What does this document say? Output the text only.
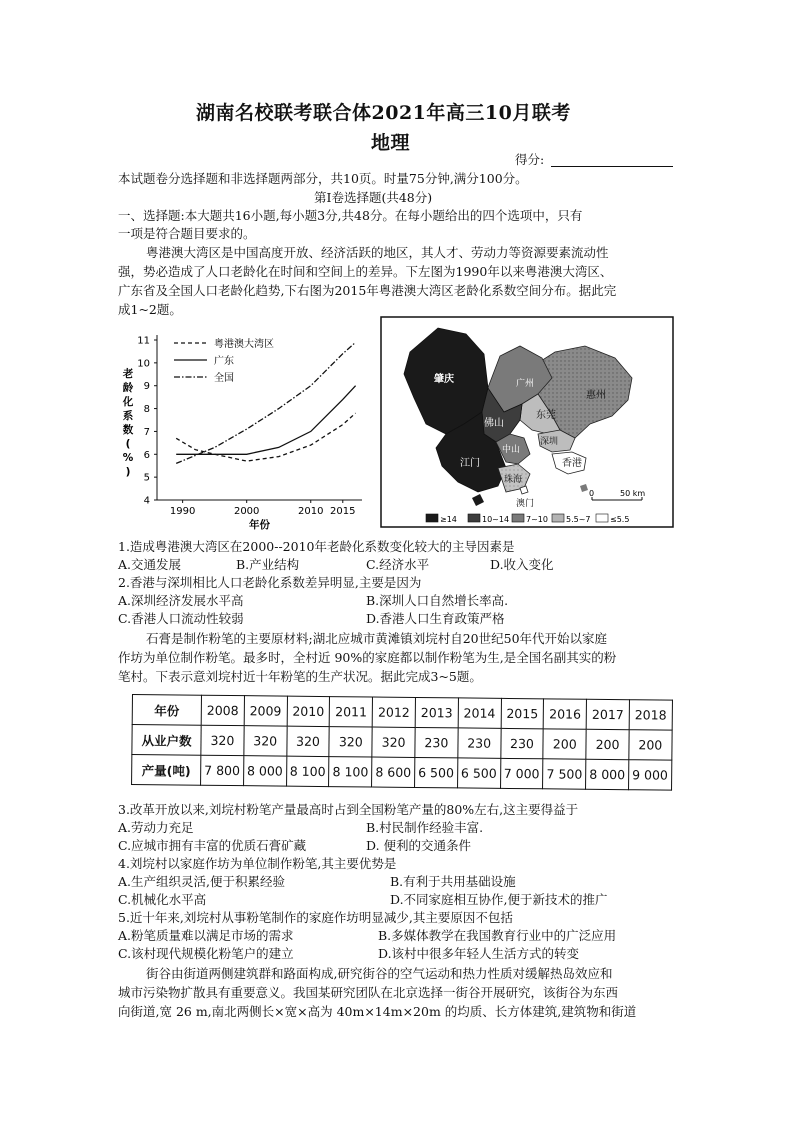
湖南名校联考联合体2021年高三10月联考
地理
得分:
本试题卷分选择题和非选择题两部分，共10页。时量75分钟,满分100分。
第Ⅰ卷选择题(共48分)
一、选择题:本大题共16小题,每小题3分,共48分。在每小题给出的四个选项中，只有
一项是符合题目要求的。
粤港澳大湾区是中国高度开放、经济活跃的地区，其人才、劳动力等资源要素流动性
强，势必造成了人口老龄化在时间和空间上的差异。下左图为1990年以来粤港澳大湾区、
广东省及全国人口老龄化趋势,下右图为2015年粤港澳大湾区老龄化系数空间分布。据此完
成1~2题。
4
5
6
7
8
9
10
11
1990	2000	2010 2015
年份
老
龄
化
系
数
(
%
)
粤港澳大湾区
广东
全国	肇庆	广州
佛山
东莞
惠州
中山
深圳
江门
珠海
香港
澳门
0	50 km
≥14	10~14 7~10 5.5~7 ≤5.5
1.造成粤港澳大湾区在2000--2010年老龄化系数变化较大的主导因素是
A.交通发展	B.产业结构	C.经济水平	D.收入变化
2.香港与深圳相比人口老龄化系数差异明显,主要是因为
A.深圳经济发展水平高	B.深圳人口自然增长率高.
C.香港人口流动性较弱	D.香港人口生育政策严格
石膏是制作粉笔的主要原材料;湖北应城市黄滩镇刘垸村自20世纪50年代开始以家庭
作坊为单位制作粉笔。最多时，全村近 90%的家庭都以制作粉笔为生,是全国名副其实的粉
笔村。下表示意刘垸村近十年粉笔的生产状况。据此完成3~5题。
年份	2008	2009	2010	2011	2012	2013	2014	2015	2016	2017	2018
从业户数	320	320	320	320	320	230	230	230	200	200	200
产量(吨)	7 800	8 000	8 100	8 100	8 600	6 500	6 500	7 000	7 500	8 000	9 000
3.改革开放以来,刘垸村粉笔产量最高时占到全国粉笔产量的80%左右,这主要得益于
A.劳动力充足	B.村民制作经验丰富.
C.应城市拥有丰富的优质石膏矿藏	D. 便利的交通条件
4.刘垸村以家庭作坊为单位制作粉笔,其主要优势是
A.生产组织灵活,便于积累经验	B.有利于共用基础设施
C.机械化水平高	D.不同家庭相互协作,便于新技术的推广
5.近十年来,刘垸村从事粉笔制作的家庭作坊明显减少,其主要原因不包括
A.粉笔质量难以满足市场的需求	B.多媒体教学在我国教育行业中的广泛应用
C.该村现代规模化粉笔户的建立	D.该村中很多年轻人生活方式的转变
街谷由街道两侧建筑群和路面构成,研究街谷的空气运动和热力性质对缓解热岛效应和
城市污染物扩散具有重要意义。我国某研究团队在北京选择一街谷开展研究，该街谷为东西
向街道,宽 26 m,南北两侧长×宽×高为 40m×14m×20m 的均质、长方体建筑,建筑物和街道
